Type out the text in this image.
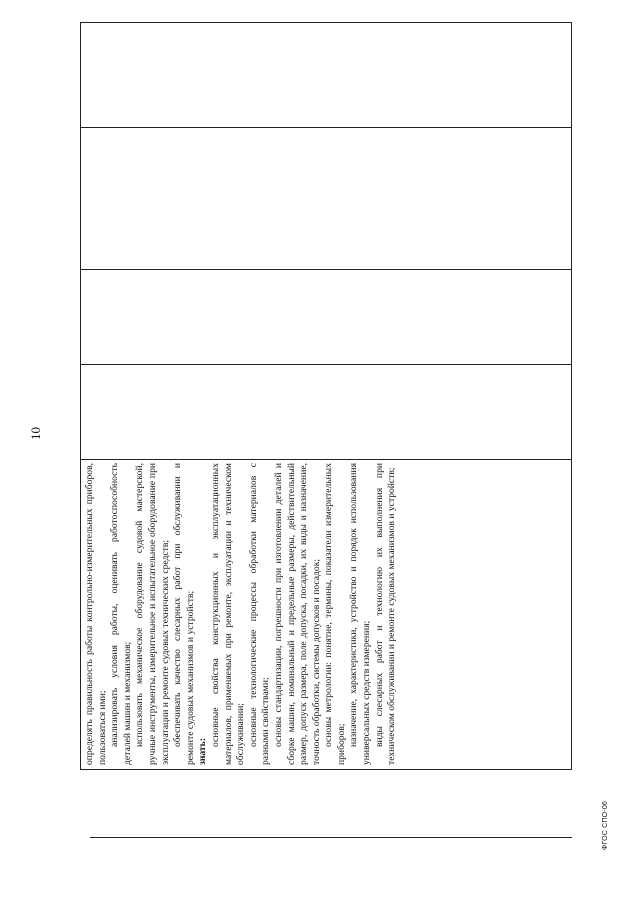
10
ФГОС СПО-06

определять правильность работы контрольно-измерительных приборов, пользоваться ими; анализировать условия работы, оценивать работоспособность деталей машин и механизмов; использовать механическое оборудование судовой мастерской, ручные инструменты, измерительное и испытательное оборудование при эксплуатации и ремонте судовых технических средств; обеспечивать качество слесарных работ при обслуживании и ремонте судовых механизмов и устройств; знать:

основные свойства конструкционных и эксплуатационных материалов, применяемых при ремонте, эксплуатации и техническом обслуживании; основные технологические процессы обработки материалов с разными свойствами; основы стандартизации, погрешности при изготовлении деталей и сборке машин, номинальный и предельные размеры, действительный размер, допуск размера, поле допуска, посадки, их виды и назначение, точность обработки, системы допусков и посадок; основы метрологии: понятие, термины, показатели измерительных приборов; назначение, характеристики, устройство и порядок использования универсальных средств измерения; виды слесарных работ и технологию их выполнения при техническом обслуживании и ремонте судовых механизмов и устройств;
